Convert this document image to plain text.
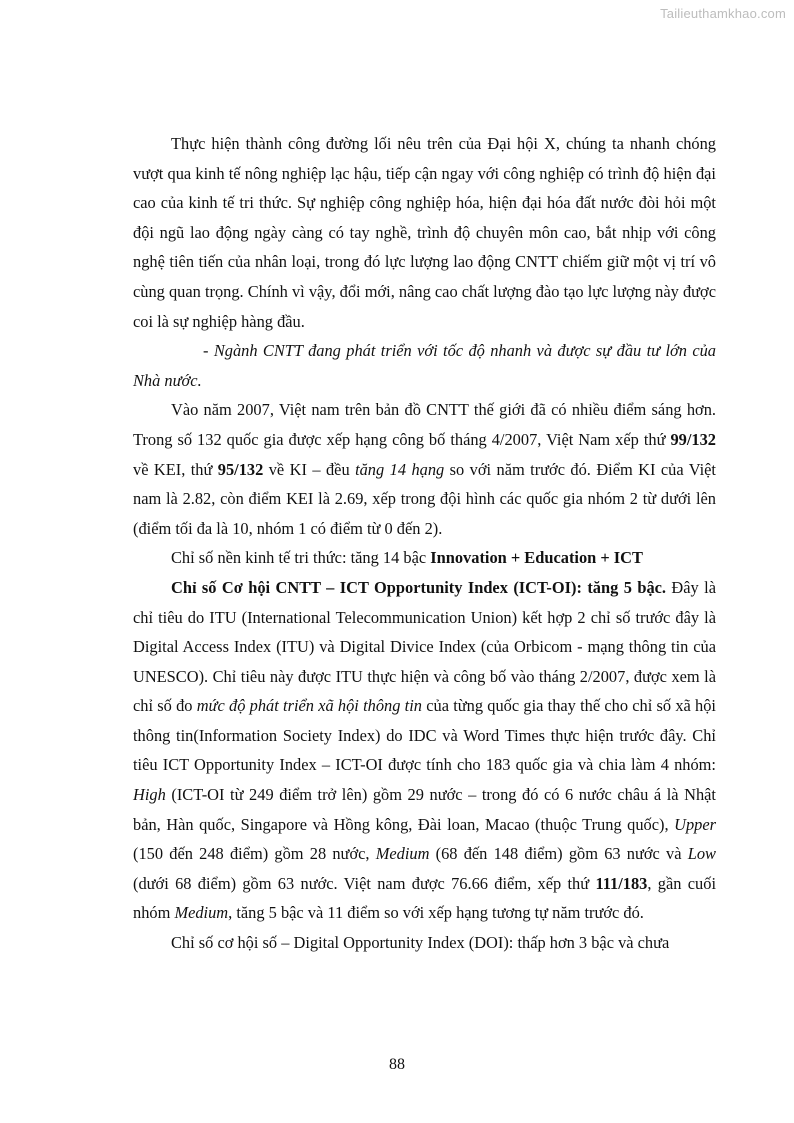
Tailieuthamkhao.com

Thực hiện thành công đường lối nêu trên của Đại hội X, chúng ta nhanh chóng vượt qua kinh tế nông nghiệp lạc hậu, tiếp cận ngay với công nghiệp có trình độ hiện đại cao của kinh tế tri thức. Sự nghiệp công nghiệp hóa, hiện đại hóa đất nước đòi hỏi một đội ngũ lao động ngày càng có tay nghề, trình độ chuyên môn cao, bắt nhịp với công nghệ tiên tiến của nhân loại, trong đó lực lượng lao động CNTT chiếm giữ một vị trí vô cùng quan trọng. Chính vì vậy, đổi mới, nâng cao chất lượng đào tạo lực lượng này được coi là sự nghiệp hàng đầu.

- Ngành CNTT đang phát triển với tốc độ nhanh và được sự đầu tư lớn của Nhà nước.

Vào năm 2007, Việt nam trên bản đồ CNTT thế giới đã có nhiều điểm sáng hơn. Trong số 132 quốc gia được xếp hạng công bố tháng 4/2007, Việt Nam xếp thứ 99/132 về KEI, thứ 95/132 về KI – đều tăng 14 hạng so với năm trước đó. Điểm KI của Việt nam là 2.82, còn điểm KEI là 2.69, xếp trong đội hình các quốc gia nhóm 2 từ dưới lên (điểm tối đa là 10, nhóm 1 có điểm từ 0 đến 2).

Chỉ số nền kinh tế tri thức: tăng 14 bậc Innovation + Education + ICT

Chỉ số Cơ hội CNTT – ICT Opportunity Index (ICT-OI): tăng 5 bậc. Đây là chỉ tiêu do ITU (International Telecommunication Union) kết hợp 2 chỉ số trước đây là Digital Access Index (ITU) và Digital Divice Index (của Orbicom - mạng thông tin của UNESCO). Chỉ tiêu này được ITU thực hiện và công bố vào tháng 2/2007, được xem là chỉ số đo mức độ phát triển xã hội thông tin của từng quốc gia thay thế cho chỉ số xã hội thông tin(Information Society Index) do IDC và Word Times thực hiện trước đây. Chỉ tiêu ICT Opportunity Index – ICT-OI được tính cho 183 quốc gia và chia làm 4 nhóm: High (ICT-OI từ 249 điểm trở lên) gồm 29 nước – trong đó có 6 nước châu á là Nhật bản, Hàn quốc, Singapore và Hồng kông, Đài loan, Macao (thuộc Trung quốc), Upper (150 đến 248 điểm) gồm 28 nước, Medium (68 đến 148 điểm) gồm 63 nước và Low (dưới 68 điểm) gồm 63 nước. Việt nam được 76.66 điểm, xếp thứ 111/183, gần cuối nhóm Medium, tăng 5 bậc và 11 điểm so với xếp hạng tương tự năm trước đó.

Chỉ số cơ hội số – Digital Opportunity Index (DOI): thấp hơn 3 bậc và chưa

88
